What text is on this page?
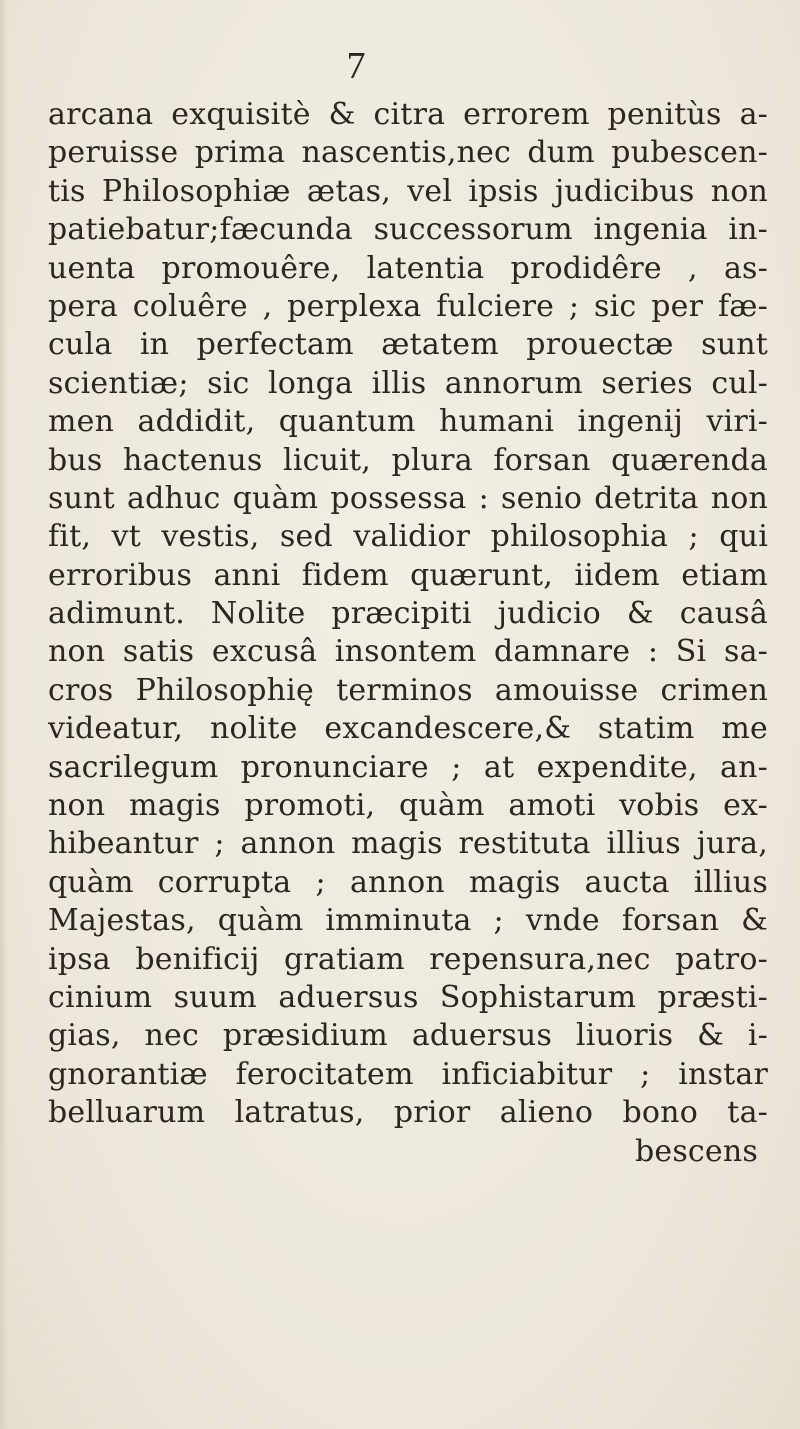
7
arcana exquisitè & citra errorem penitùs a-
peruisse prima nascentis,nec dum pubescen-
tis Philosophiæ ætas, vel ipsis judicibus non
patiebatur;fæcunda successorum ingenia in-
uenta promouêre, latentia prodidêre , as-
pera coluêre , perplexa fulciere ; sic per fæ-
cula in perfectam ætatem prouectæ sunt
scientiæ; sic longa illis annorum series cul-
men addidit, quantum humani ingenij viri-
bus hactenus licuit, plura forsan quærenda
sunt adhuc quàm possessa : senio detrita non
fit, vt vestis, sed validior philosophia ; qui
erroribus anni fidem quærunt, iidem etiam
adimunt. Nolite præcipiti judicio & causâ
non satis excusâ insontem damnare : Si sa-
cros Philosophię terminos amouisse crimen
videatur, nolite excandescere,& statim me
sacrilegum pronunciare ; at expendite, an-
non magis promoti, quàm amoti vobis ex-
hibeantur ; annon magis restituta illius jura,
quàm corrupta ; annon magis aucta illius
Majestas, quàm imminuta ; vnde forsan &
ipsa benificij gratiam repensura,nec patro-
cinium suum aduersus Sophistarum præsti-
gias, nec præsidium aduersus liuoris & i-
gnorantiæ ferocitatem inficiabitur ; instar
belluarum latratus, prior alieno bono ta-
bescens
